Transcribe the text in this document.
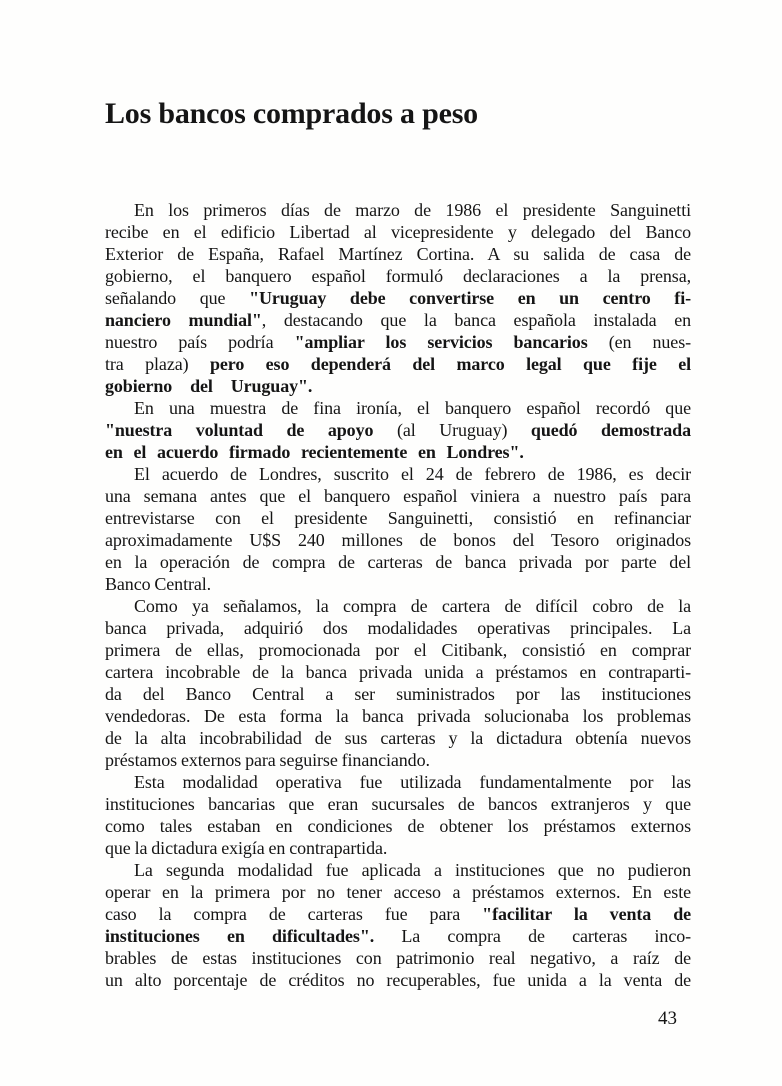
Los bancos comprados a peso
En los primeros días de marzo de 1986 el presidente Sanguinetti
recibe en el edificio Libertad al vicepresidente y delegado del Banco
Exterior de España, Rafael Martínez Cortina. A su salida de casa de
gobierno, el banquero español formuló declaraciones a la prensa,
señalando que "Uruguay debe convertirse en un centro fi-
nanciero mundial", destacando que la banca española instalada en
nuestro país podría "ampliar los servicios bancarios (en nues-
tra plaza) pero eso dependerá del marco legal que fije el
gobierno del Uruguay".
En una muestra de fina ironía, el banquero español recordó que
"nuestra voluntad de apoyo (al Uruguay) quedó demostrada
en el acuerdo firmado recientemente en Londres".
El acuerdo de Londres, suscrito el 24 de febrero de 1986, es decir
una semana antes que el banquero español viniera a nuestro país para
entrevistarse con el presidente Sanguinetti, consistió en refinanciar
aproximadamente U$S 240 millones de bonos del Tesoro originados
en la operación de compra de carteras de banca privada por parte del
Banco Central.
Como ya señalamos, la compra de cartera de difícil cobro de la
banca privada, adquirió dos modalidades operativas principales. La
primera de ellas, promocionada por el Citibank, consistió en comprar
cartera incobrable de la banca privada unida a préstamos en contraparti-
da del Banco Central a ser suministrados por las instituciones
vendedoras. De esta forma la banca privada solucionaba los problemas
de la alta incobrabilidad de sus carteras y la dictadura obtenía nuevos
préstamos externos para seguirse financiando.
Esta modalidad operativa fue utilizada fundamentalmente por las
instituciones bancarias que eran sucursales de bancos extranjeros y que
como tales estaban en condiciones de obtener los préstamos externos
que la dictadura exigía en contrapartida.
La segunda modalidad fue aplicada a instituciones que no pudieron
operar en la primera por no tener acceso a préstamos externos. En este
caso la compra de carteras fue para "facilitar la venta de
instituciones en dificultades". La compra de carteras inco-
brables de estas instituciones con patrimonio real negativo, a raíz de
un alto porcentaje de créditos no recuperables, fue unida a la venta de
43
